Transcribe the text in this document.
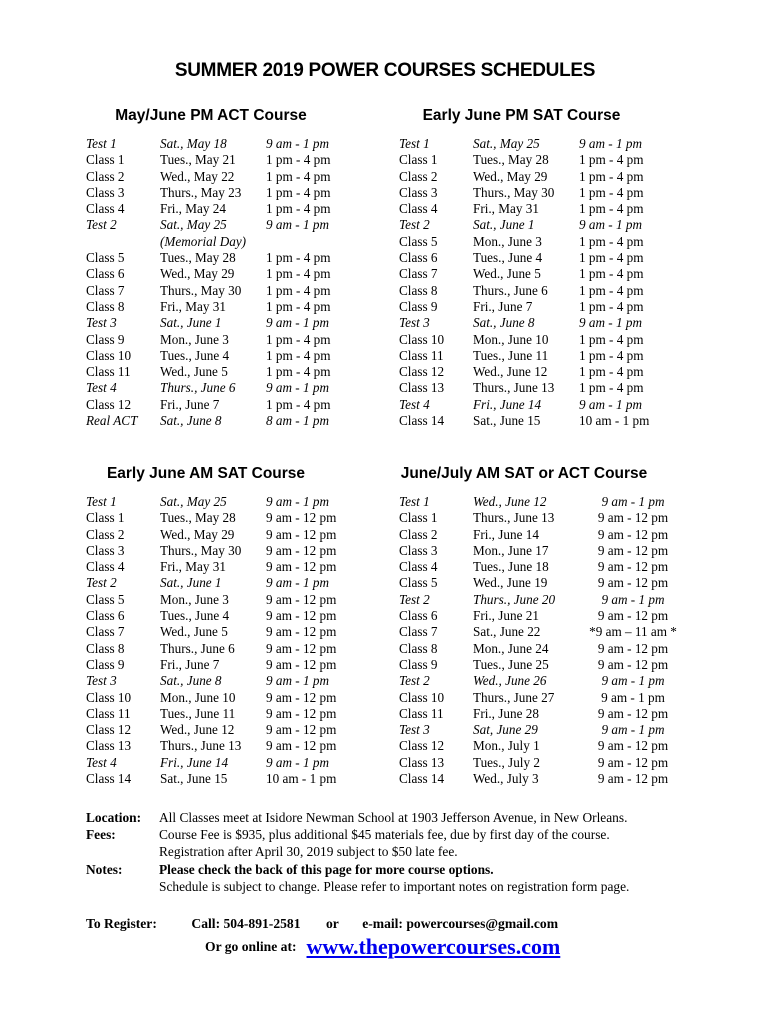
SUMMER 2019 POWER COURSES SCHEDULES
May/June PM ACT Course
Test 1	Sat., May 18	9 am - 1 pm
Class 1	Tues., May 21	1 pm - 4 pm
Class 2	Wed., May 22	1 pm - 4 pm
Class 3	Thurs., May 23	1 pm - 4 pm
Class 4	Fri., May 24	1 pm - 4 pm
Test 2	Sat., May 25	9 am - 1 pm
	(Memorial Day)	
Class 5	Tues., May 28	1 pm - 4 pm
Class 6	Wed., May 29	1 pm - 4 pm
Class 7	Thurs., May 30	1 pm - 4 pm
Class 8	Fri., May 31	1 pm - 4 pm
Test 3	Sat., June 1	9 am - 1 pm
Class 9	Mon., June 3	1 pm - 4 pm
Class 10	Tues., June 4	1 pm - 4 pm
Class 11	Wed., June 5	1 pm - 4 pm
Test 4	Thurs., June 6	9 am - 1 pm
Class 12	Fri., June 7	1 pm - 4 pm
Real ACT	Sat., June 8	8 am - 1 pm
Early June PM SAT Course
Test 1	Sat., May 25	9 am - 1 pm
Class 1	Tues., May 28	1 pm - 4 pm
Class 2	Wed., May 29	1 pm - 4 pm
Class 3	Thurs., May 30	1 pm - 4 pm
Class 4	Fri., May 31	1 pm - 4 pm
Test 2	Sat., June 1	9 am - 1 pm
Class 5	Mon., June 3	1 pm - 4 pm
Class 6	Tues., June 4	1 pm - 4 pm
Class 7	Wed., June 5	1 pm - 4 pm
Class 8	Thurs., June 6	1 pm - 4 pm
Class 9	Fri., June 7	1 pm - 4 pm
Test 3	Sat., June 8	9 am - 1 pm
Class 10	Mon., June 10	1 pm - 4 pm
Class 11	Tues., June 11	1 pm - 4 pm
Class 12	Wed., June 12	1 pm - 4 pm
Class 13	Thurs., June 13	1 pm - 4 pm
Test 4	Fri., June 14	9 am - 1 pm
Class 14	Sat., June 15	10 am - 1 pm
Early June AM SAT Course
Test 1	Sat., May 25	9 am - 1 pm
Class 1	Tues., May 28	9 am - 12 pm
Class 2	Wed., May 29	9 am - 12 pm
Class 3	Thurs., May 30	9 am - 12 pm
Class 4	Fri., May 31	9 am - 12 pm
Test 2	Sat., June 1	9 am - 1 pm
Class 5	Mon., June 3	9 am - 12 pm
Class 6	Tues., June 4	9 am - 12 pm
Class 7	Wed., June 5	9 am - 12 pm
Class 8	Thurs., June 6	9 am - 12 pm
Class 9	Fri., June 7	9 am - 12 pm
Test 3	Sat., June 8	9 am - 1 pm
Class 10	Mon., June 10	9 am - 12 pm
Class 11	Tues., June 11	9 am - 12 pm
Class 12	Wed., June 12	9 am - 12 pm
Class 13	Thurs., June 13	9 am - 12 pm
Test 4	Fri., June 14	9 am - 1 pm
Class 14	Sat., June 15	10 am - 1 pm
June/July AM SAT or ACT Course
Test 1	Wed., June 12	9 am - 1 pm
Class 1	Thurs., June 13	9 am - 12 pm
Class 2	Fri., June 14	9 am - 12 pm
Class 3	Mon., June 17	9 am - 12 pm
Class 4	Tues., June 18	9 am - 12 pm
Class 5	Wed., June 19	9 am - 12 pm
Test 2	Thurs., June 20	9 am - 1 pm
Class 6	Fri., June 21	9 am - 12 pm
Class 7	Sat., June 22	*9 am – 11 am *
Class 8	Mon., June 24	9 am - 12 pm
Class 9	Tues., June 25	9 am - 12 pm
Test 2	Wed., June 26	9 am - 1 pm
Class 10	Thurs., June 27	9 am - 1 pm
Class 11	Fri., June 28	9 am - 12 pm
Test 3	Sat, June 29	9 am - 1 pm
Class 12	Mon., July 1	9 am - 12 pm
Class 13	Tues., July 2	9 am - 12 pm
Class 14	Wed., July 3	9 am - 12 pm
Location:	All Classes meet at Isidore Newman School at 1903 Jefferson Avenue, in New Orleans.
Fees:	Course Fee is $935, plus additional $45 materials fee, due by first day of the course.
Registration after April 30, 2019 subject to $50 late fee.
Notes:	Please check the back of this page for more course options.
Schedule is subject to change. Please refer to important notes on registration form page.
To Register:	Call: 504-891-2581 or e-mail: powercourses@gmail.com
Or go online at: www.thepowercourses.com
